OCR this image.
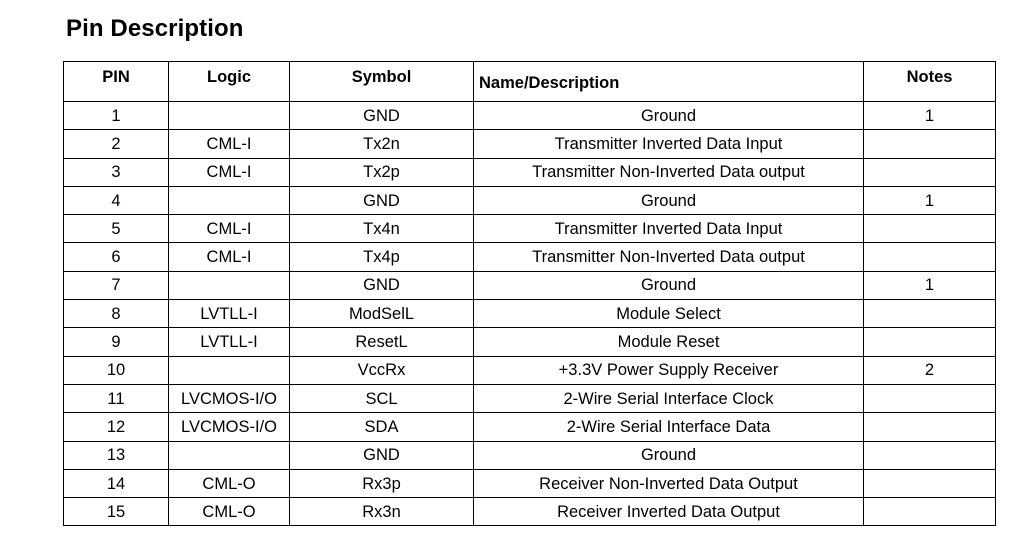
Pin Description
PIN	Logic	Symbol	Name/Description	Notes
1		GND	Ground	1
2	CML-I	Tx2n	Transmitter Inverted Data Input	
3	CML-I	Tx2p	Transmitter Non-Inverted Data output	
4		GND	Ground	1
5	CML-I	Tx4n	Transmitter Inverted Data Input	
6	CML-I	Tx4p	Transmitter Non-Inverted Data output	
7		GND	Ground	1
8	LVTLL-I	ModSelL	Module Select	
9	LVTLL-I	ResetL	Module Reset	
10		VccRx	+3.3V Power Supply Receiver	2
11	LVCMOS-I/O	SCL	2-Wire Serial Interface Clock	
12	LVCMOS-I/O	SDA	2-Wire Serial Interface Data	
13		GND	Ground	
14	CML-O	Rx3p	Receiver Non-Inverted Data Output	
15	CML-O	Rx3n	Receiver Inverted Data Output	
